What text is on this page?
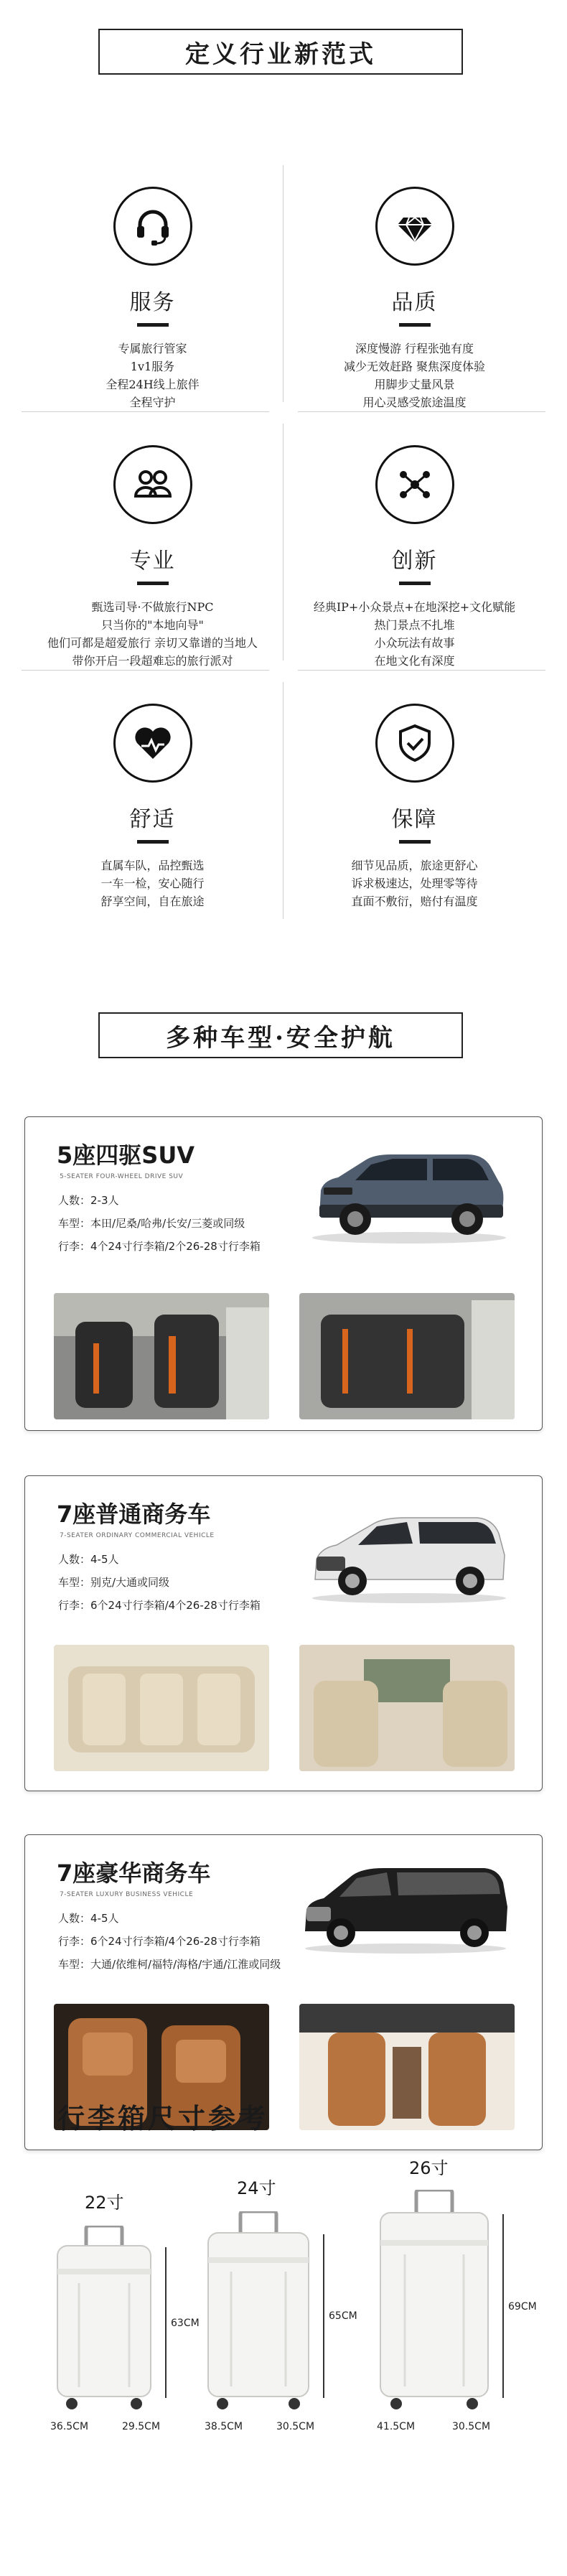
定义行业新范式
服务
专属旅行管家
1v1服务
全程24H线上旅伴
全程守护
品质
深度慢游 行程张弛有度
减少无效赶路 聚焦深度体验
用脚步丈量风景
用心灵感受旅途温度
专业
甄选司导·不做旅行NPC
只当你的"本地向导"
他们可都是超爱旅行 亲切又靠谱的当地人
带你开启一段超难忘的旅行派对
创新
经典IP+小众景点+在地深挖+文化赋能
热门景点不扎堆
小众玩法有故事
在地文化有深度
舒适
直属车队，品控甄选
一车一检，安心随行
舒享空间，自在旅途
保障
细节见品质，旅途更舒心
诉求极速达，处理零等待
直面不敷衍，赔付有温度
多种车型·安全护航
5座四驱SUV
5-SEATER FOUR-WHEEL DRIVE SUV
人数：2-3人
车型：本田/尼桑/哈弗/长安/三菱或同级
行李：4个24寸行李箱/2个26-28寸行李箱
7座普通商务车
7-SEATER ORDINARY COMMERCIAL VEHICLE
人数：4-5人
车型：别克/大通或同级
行李：6个24寸行李箱/4个26-28寸行李箱
7座豪华商务车
7-SEATER LUXURY BUSINESS VEHICLE
人数：4-5人
行李：6个24寸行李箱/4个26-28寸行李箱
车型：大通/依维柯/福特/海格/宇通/江淮或同级
行李箱尺寸参考
22寸
63CM
36.5CM	29.5CM
24寸
65CM
38.5CM	30.5CM
26寸
69CM
41.5CM	30.5CM
